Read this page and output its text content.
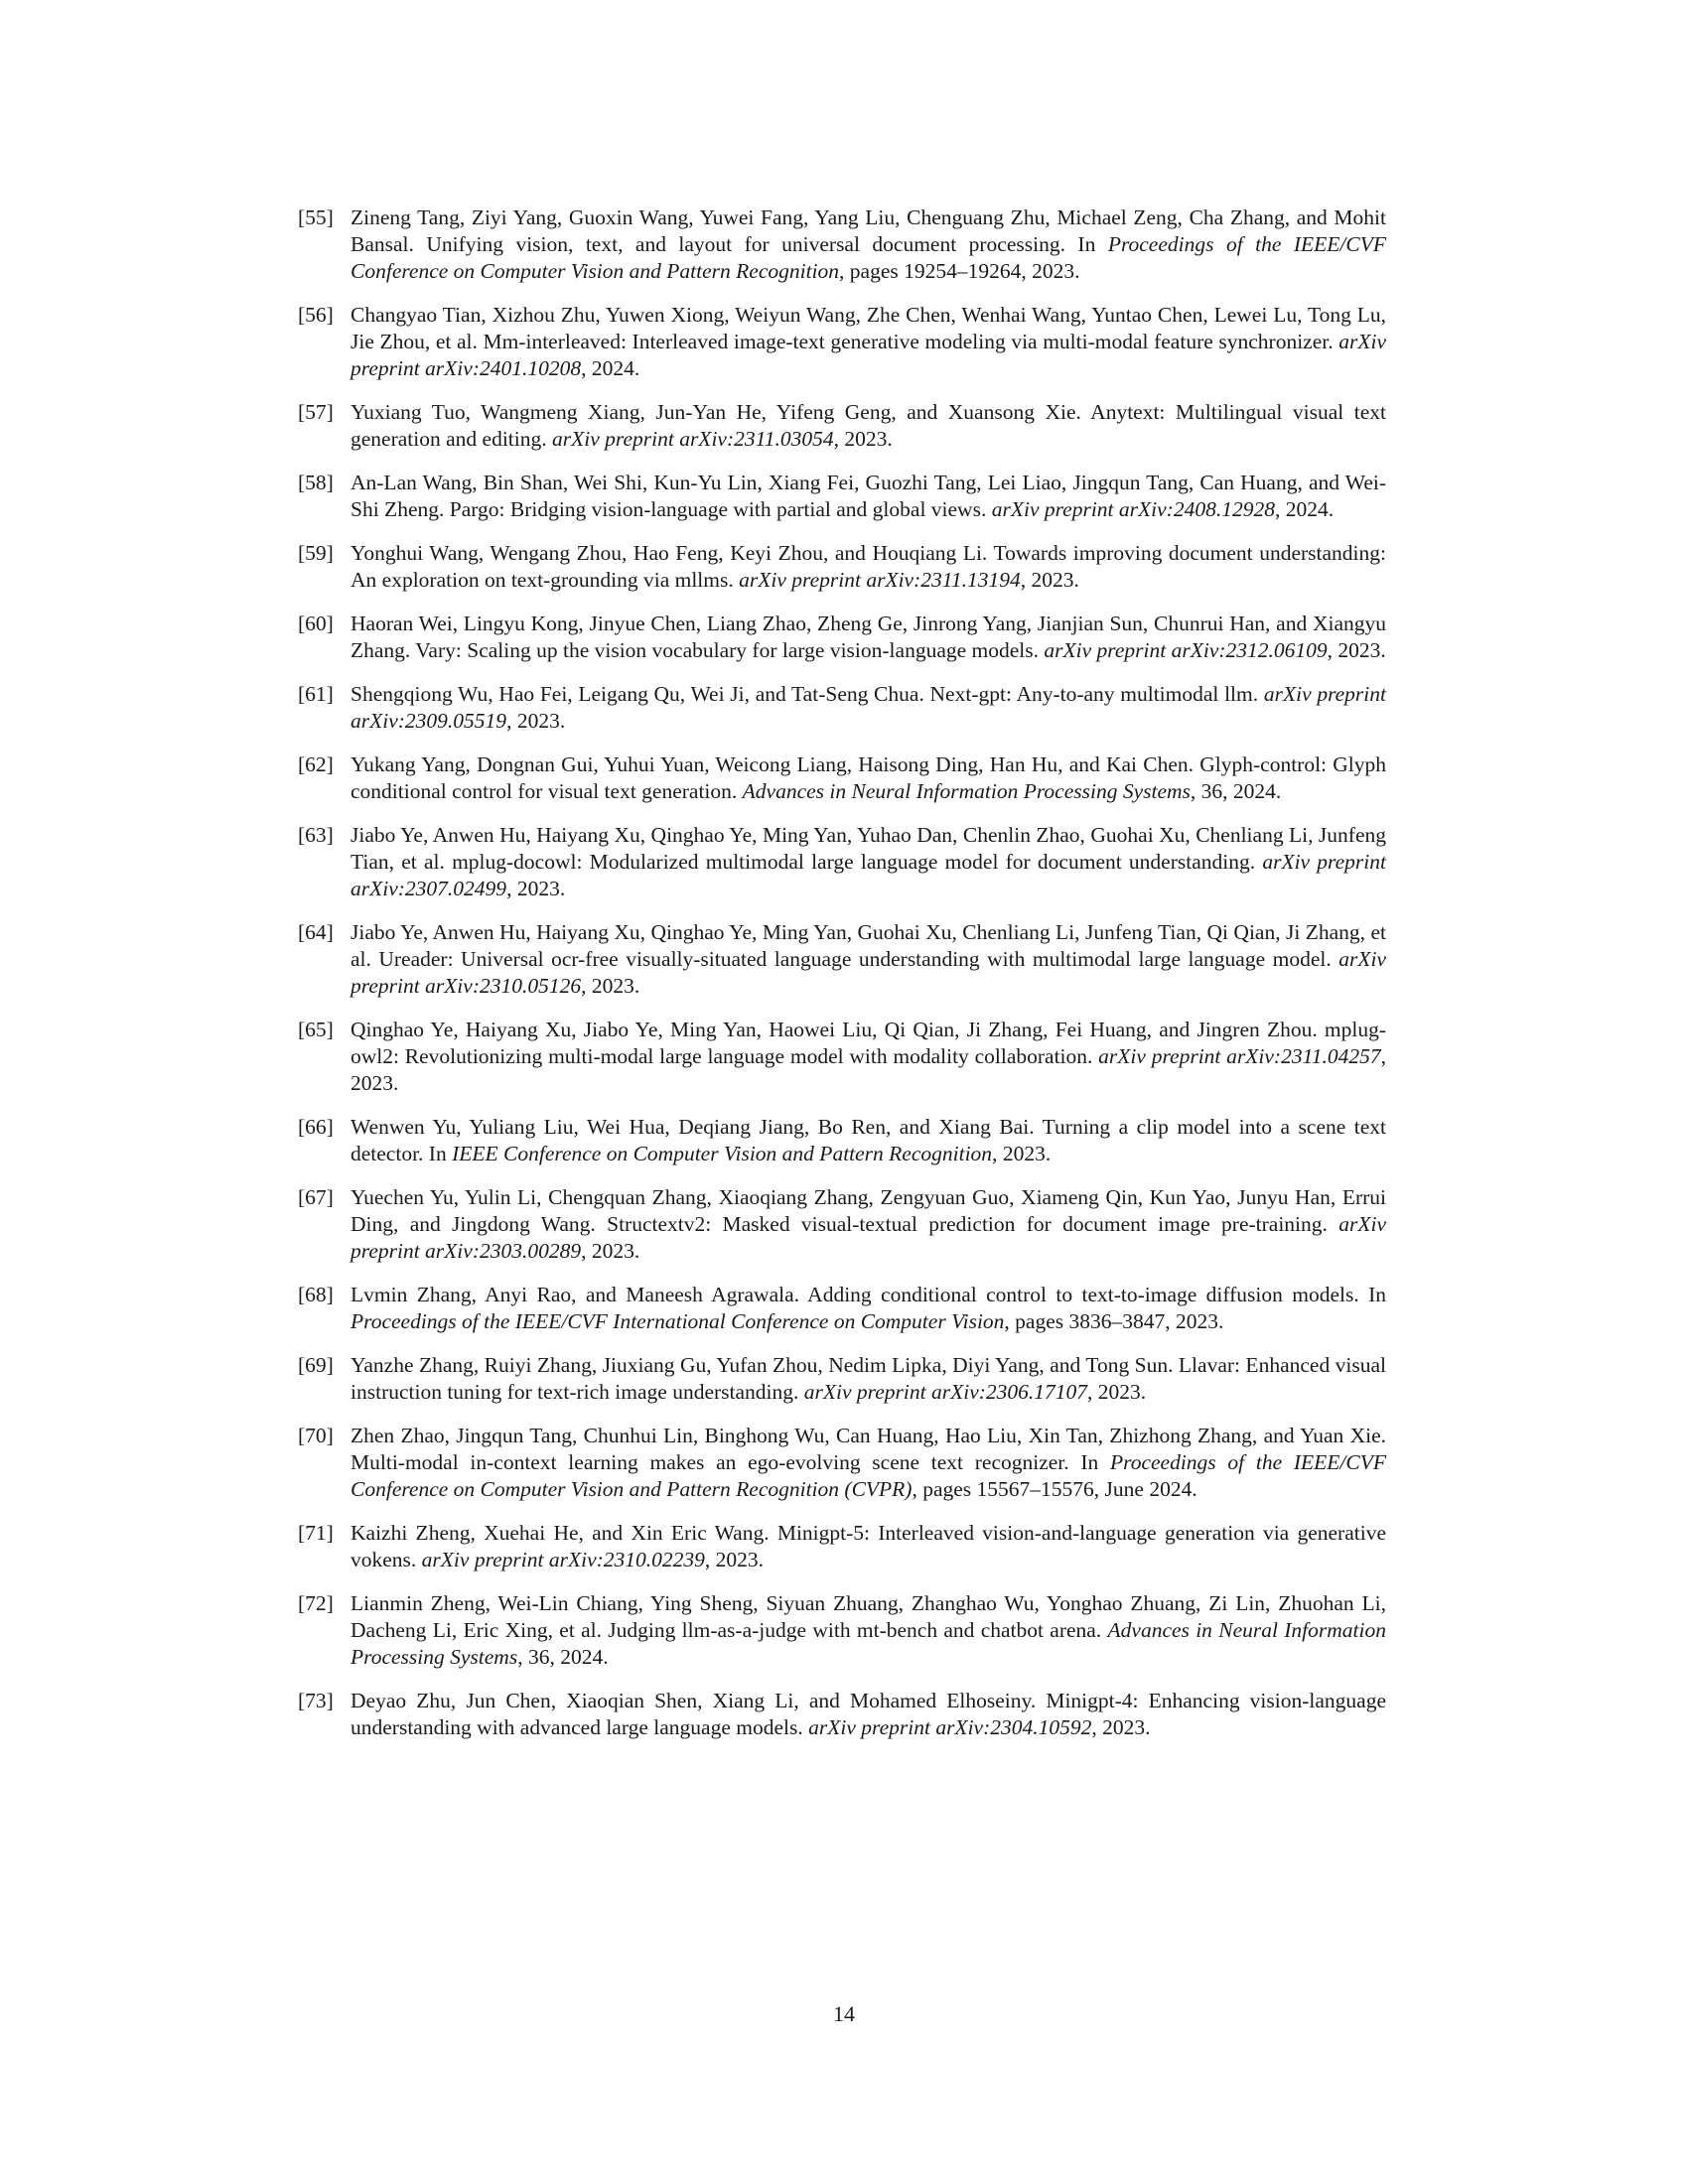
[55] Zineng Tang, Ziyi Yang, Guoxin Wang, Yuwei Fang, Yang Liu, Chenguang Zhu, Michael Zeng, Cha Zhang, and Mohit Bansal. Unifying vision, text, and layout for universal document processing. In Proceedings of the IEEE/CVF Conference on Computer Vision and Pattern Recognition, pages 19254–19264, 2023.
[56] Changyao Tian, Xizhou Zhu, Yuwen Xiong, Weiyun Wang, Zhe Chen, Wenhai Wang, Yuntao Chen, Lewei Lu, Tong Lu, Jie Zhou, et al. Mm-interleaved: Interleaved image-text generative modeling via multi-modal feature synchronizer. arXiv preprint arXiv:2401.10208, 2024.
[57] Yuxiang Tuo, Wangmeng Xiang, Jun-Yan He, Yifeng Geng, and Xuansong Xie. Anytext: Multilingual visual text generation and editing. arXiv preprint arXiv:2311.03054, 2023.
[58] An-Lan Wang, Bin Shan, Wei Shi, Kun-Yu Lin, Xiang Fei, Guozhi Tang, Lei Liao, Jingqun Tang, Can Huang, and Wei-Shi Zheng. Pargo: Bridging vision-language with partial and global views. arXiv preprint arXiv:2408.12928, 2024.
[59] Yonghui Wang, Wengang Zhou, Hao Feng, Keyi Zhou, and Houqiang Li. Towards improving document understanding: An exploration on text-grounding via mllms. arXiv preprint arXiv:2311.13194, 2023.
[60] Haoran Wei, Lingyu Kong, Jinyue Chen, Liang Zhao, Zheng Ge, Jinrong Yang, Jianjian Sun, Chunrui Han, and Xiangyu Zhang. Vary: Scaling up the vision vocabulary for large vision-language models. arXiv preprint arXiv:2312.06109, 2023.
[61] Shengqiong Wu, Hao Fei, Leigang Qu, Wei Ji, and Tat-Seng Chua. Next-gpt: Any-to-any multimodal llm. arXiv preprint arXiv:2309.05519, 2023.
[62] Yukang Yang, Dongnan Gui, Yuhui Yuan, Weicong Liang, Haisong Ding, Han Hu, and Kai Chen. Glyph-control: Glyph conditional control for visual text generation. Advances in Neural Information Processing Systems, 36, 2024.
[63] Jiabo Ye, Anwen Hu, Haiyang Xu, Qinghao Ye, Ming Yan, Yuhao Dan, Chenlin Zhao, Guohai Xu, Chenliang Li, Junfeng Tian, et al. mplug-docowl: Modularized multimodal large language model for document understanding. arXiv preprint arXiv:2307.02499, 2023.
[64] Jiabo Ye, Anwen Hu, Haiyang Xu, Qinghao Ye, Ming Yan, Guohai Xu, Chenliang Li, Junfeng Tian, Qi Qian, Ji Zhang, et al. Ureader: Universal ocr-free visually-situated language understanding with multimodal large language model. arXiv preprint arXiv:2310.05126, 2023.
[65] Qinghao Ye, Haiyang Xu, Jiabo Ye, Ming Yan, Haowei Liu, Qi Qian, Ji Zhang, Fei Huang, and Jingren Zhou. mplug-owl2: Revolutionizing multi-modal large language model with modality collaboration. arXiv preprint arXiv:2311.04257, 2023.
[66] Wenwen Yu, Yuliang Liu, Wei Hua, Deqiang Jiang, Bo Ren, and Xiang Bai. Turning a clip model into a scene text detector. In IEEE Conference on Computer Vision and Pattern Recognition, 2023.
[67] Yuechen Yu, Yulin Li, Chengquan Zhang, Xiaoqiang Zhang, Zengyuan Guo, Xiameng Qin, Kun Yao, Junyu Han, Errui Ding, and Jingdong Wang. Structextv2: Masked visual-textual prediction for document image pre-training. arXiv preprint arXiv:2303.00289, 2023.
[68] Lvmin Zhang, Anyi Rao, and Maneesh Agrawala. Adding conditional control to text-to-image diffusion models. In Proceedings of the IEEE/CVF International Conference on Computer Vision, pages 3836–3847, 2023.
[69] Yanzhe Zhang, Ruiyi Zhang, Jiuxiang Gu, Yufan Zhou, Nedim Lipka, Diyi Yang, and Tong Sun. Llavar: Enhanced visual instruction tuning for text-rich image understanding. arXiv preprint arXiv:2306.17107, 2023.
[70] Zhen Zhao, Jingqun Tang, Chunhui Lin, Binghong Wu, Can Huang, Hao Liu, Xin Tan, Zhizhong Zhang, and Yuan Xie. Multi-modal in-context learning makes an ego-evolving scene text recognizer. In Proceedings of the IEEE/CVF Conference on Computer Vision and Pattern Recognition (CVPR), pages 15567–15576, June 2024.
[71] Kaizhi Zheng, Xuehai He, and Xin Eric Wang. Minigpt-5: Interleaved vision-and-language generation via generative vokens. arXiv preprint arXiv:2310.02239, 2023.
[72] Lianmin Zheng, Wei-Lin Chiang, Ying Sheng, Siyuan Zhuang, Zhanghao Wu, Yonghao Zhuang, Zi Lin, Zhuohan Li, Dacheng Li, Eric Xing, et al. Judging llm-as-a-judge with mt-bench and chatbot arena. Advances in Neural Information Processing Systems, 36, 2024.
[73] Deyao Zhu, Jun Chen, Xiaoqian Shen, Xiang Li, and Mohamed Elhoseiny. Minigpt-4: Enhancing vision-language understanding with advanced large language models. arXiv preprint arXiv:2304.10592, 2023.
14
